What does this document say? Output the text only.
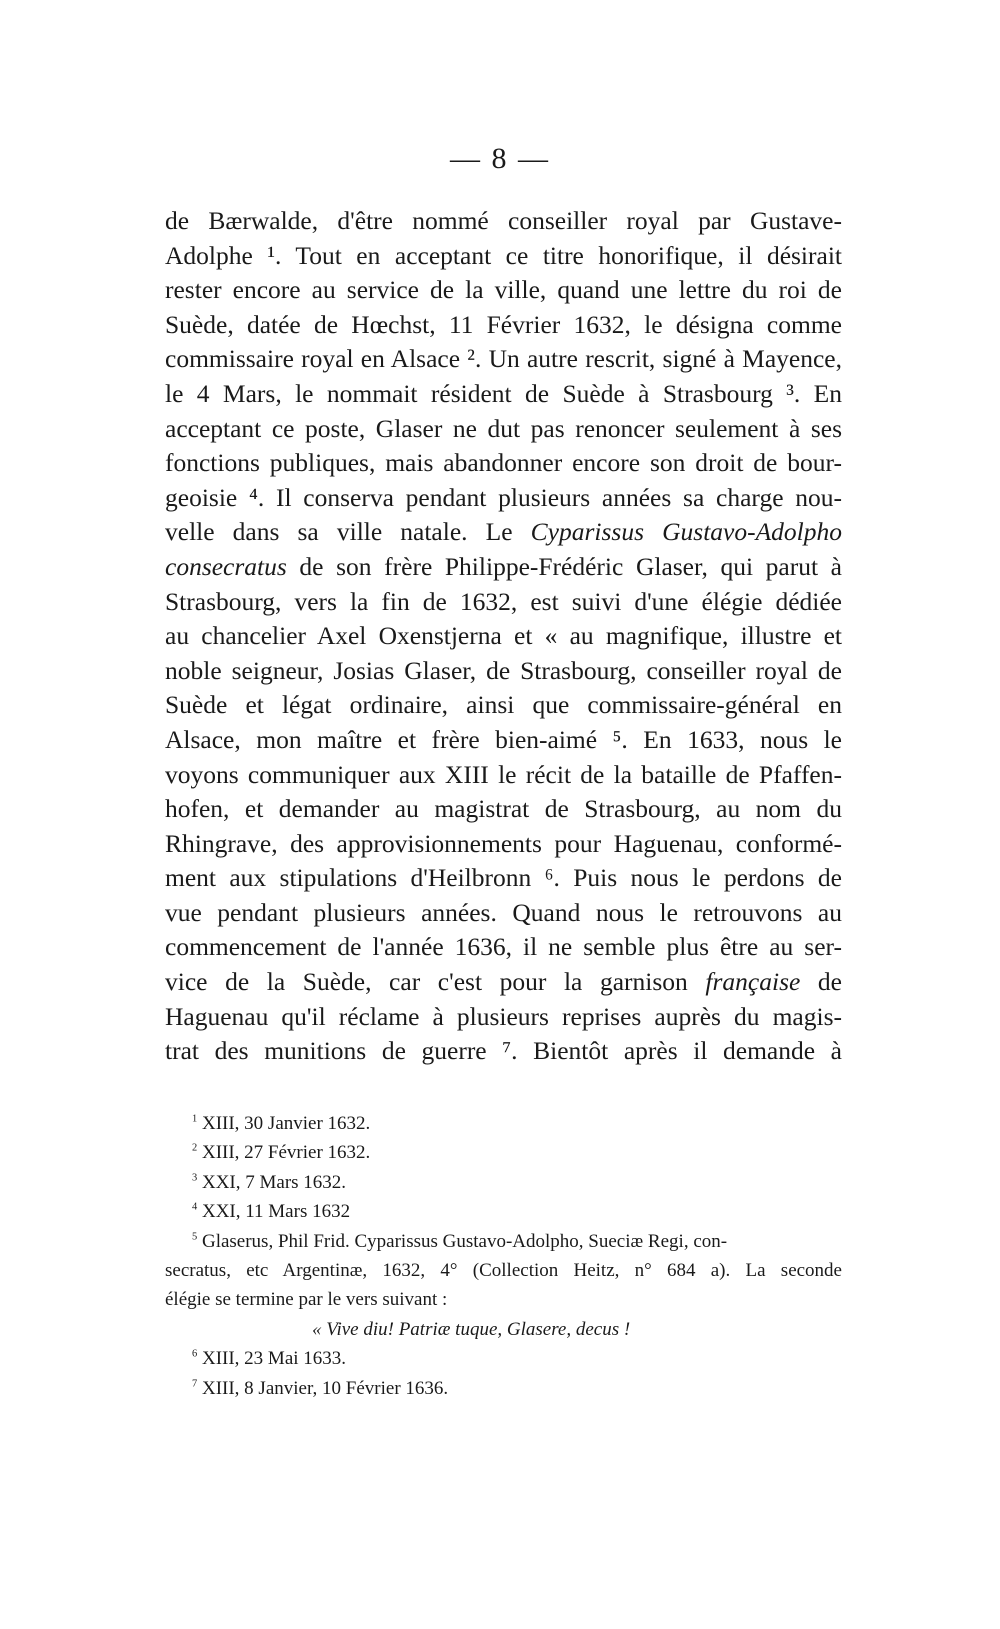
— 8 —
de Bærwalde, d'être nommé conseiller royal par Gustave-
Adolphe ¹. Tout en acceptant ce titre honorifique, il désirait
rester encore au service de la ville, quand une lettre du roi de
Suède, datée de Hœchst, 11 Février 1632, le désigna comme
commissaire royal en Alsace ². Un autre rescrit, signé à Mayence,
le 4 Mars, le nommait résident de Suède à Strasbourg ³. En
acceptant ce poste, Glaser ne dut pas renoncer seulement à ses
fonctions publiques, mais abandonner encore son droit de bour-
geoisie ⁴. Il conserva pendant plusieurs années sa charge nou-
velle dans sa ville natale. Le Cyparissus Gustavo-Adolpho
consecratus de son frère Philippe-Frédéric Glaser, qui parut à
Strasbourg, vers la fin de 1632, est suivi d'une élégie dédiée
au chancelier Axel Oxenstjerna et « au magnifique, illustre et
noble seigneur, Josias Glaser, de Strasbourg, conseiller royal de
Suède et légat ordinaire, ainsi que commissaire-général en
Alsace, mon maître et frère bien-aimé ⁵. En 1633, nous le
voyons communiquer aux XIII le récit de la bataille de Pfaffen-
hofen, et demander au magistrat de Strasbourg, au nom du
Rhingrave, des approvisionnements pour Haguenau, conformé-
ment aux stipulations d'Heilbronn ⁶. Puis nous le perdons de
vue pendant plusieurs années. Quand nous le retrouvons au
commencement de l'année 1636, il ne semble plus être au ser-
vice de la Suède, car c'est pour la garnison française de
Haguenau qu'il réclame à plusieurs reprises auprès du magis-
trat des munitions de guerre ⁷. Bientôt après il demande à
$^1$ XIII, 30 Janvier 1632.
$^2$ XIII, 27 Février 1632.
$^3$ XXI, 7 Mars 1632.
$^4$ XXI, 11 Mars 1632
$^5$ Glaserus, Phil Frid. Cyparissus Gustavo-Adolpho, Sueciæ Regi, con-
secratus, etc Argentinæ, 1632, 4° (Collection Heitz, n° 684 a). La seconde
élégie se termine par le vers suivant :
« Vive diu! Patriæ tuque, Glasere, decus !
$^6$ XIII, 23 Mai 1633.
$^7$ XIII, 8 Janvier, 10 Février 1636.
